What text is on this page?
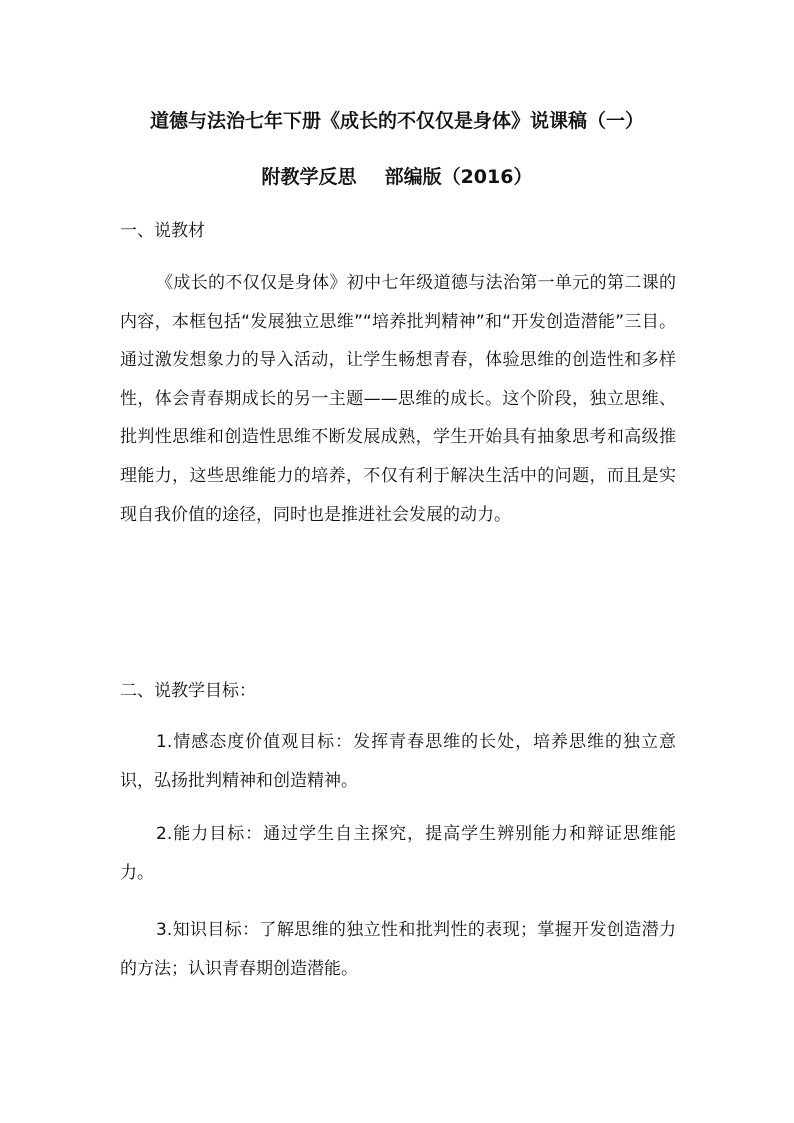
道德与法治七年下册《成长的不仅仅是身体》说课稿（一）
附教学反思 部编版（2016）
一、说教材
《成长的不仅仅是身体》初中七年级道德与法治第一单元的第二课的内容，本框包括“发展独立思维”“培养批判精神”和“开发创造潜能”三目。通过激发想象力的导入活动，让学生畅想青春，体验思维的创造性和多样性，体会青春期成长的另一主题——思维的成长。这个阶段，独立思维、批判性思维和创造性思维不断发展成熟，学生开始具有抽象思考和高级推理能力，这些思维能力的培养，不仅有利于解决生活中的问题，而且是实现自我价值的途径，同时也是推进社会发展的动力。
二、说教学目标：
1.情感态度价值观目标：发挥青春思维的长处，培养思维的独立意识，弘扬批判精神和创造精神。
2.能力目标：通过学生自主探究，提高学生辨别能力和辩证思维能力。
3.知识目标：了解思维的独立性和批判性的表现；掌握开发创造潜力的方法；认识青春期创造潜能。
